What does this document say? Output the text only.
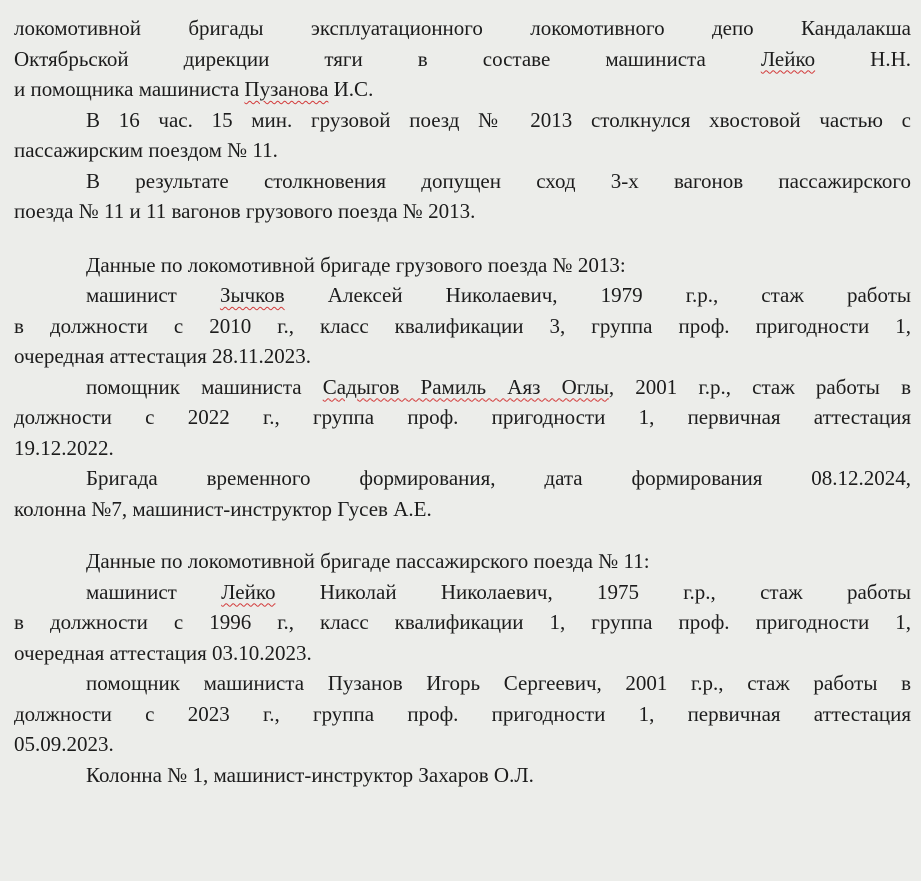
локомотивной бригады эксплуатационного локомотивного депо Кандалакша
Октябрьской дирекции тяги в составе машиниста Лейко Н.Н.
и помощника машиниста Пузанова И.С.
В 16 час. 15 мин. грузовой поезд № 2013 столкнулся хвостовой частью с
пассажирским поездом № 11.
В результате столкновения допущен сход 3-х вагонов пассажирского
поезда № 11 и 11 вагонов грузового поезда № 2013.
Данные по локомотивной бригаде грузового поезда № 2013:
машинист Зычков Алексей Николаевич, 1979 г.р., стаж работы
в должности с 2010 г., класс квалификации 3, группа проф. пригодности 1,
очередная аттестация 28.11.2023.
помощник машиниста Садыгов Рамиль Аяз Оглы, 2001 г.р., стаж работы в
должности с 2022 г., группа проф. пригодности 1, первичная аттестация
19.12.2022.
Бригада временного формирования, дата формирования 08.12.2024,
колонна №7, машинист-инструктор Гусев А.Е.
Данные по локомотивной бригаде пассажирского поезда № 11:
машинист Лейко Николай Николаевич, 1975 г.р., стаж работы
в должности с 1996 г., класс квалификации 1, группа проф. пригодности 1,
очередная аттестация 03.10.2023.
помощник машиниста Пузанов Игорь Сергеевич, 2001 г.р., стаж работы в
должности с 2023 г., группа проф. пригодности 1, первичная аттестация
05.09.2023.
Колонна № 1, машинист-инструктор Захаров О.Л.
